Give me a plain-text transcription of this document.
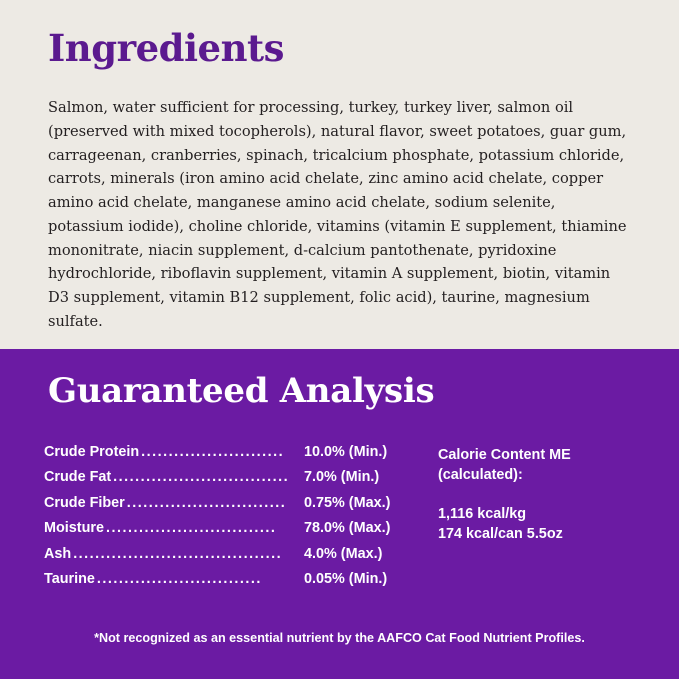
Ingredients

Salmon, water sufficient for processing, turkey, turkey liver, salmon oil (preserved with mixed tocopherols), natural flavor, sweet potatoes, guar gum, carrageenan, cranberries, spinach, tricalcium phosphate, potassium chloride, carrots, minerals (iron amino acid chelate, zinc amino acid chelate, copper amino acid chelate, manganese amino acid chelate, sodium selenite, potassium iodide), choline chloride, vitamins (vitamin E supplement, thiamine mononitrate, niacin supplement, d-calcium pantothenate, pyridoxine hydrochloride, riboflavin supplement, vitamin A supplement, biotin, vitamin D3 supplement, vitamin B12 supplement, folic acid), taurine, magnesium sulfate.

Guaranteed Analysis
Crude Protein ..........................	10.0% (Min.)
Crude Fat ................................	7.0% (Min.)
Crude Fiber .............................	0.75% (Max.)
Moisture ...............................	78.0% (Max.)
Ash ......................................	4.0% (Max.)
Taurine ..............................	0.05% (Min.)
Calorie Content ME
(calculated):
1,116 kcal/kg
174 kcal/can 5.5oz
*Not recognized as an essential nutrient by the AAFCO Cat Food Nutrient Profiles.
